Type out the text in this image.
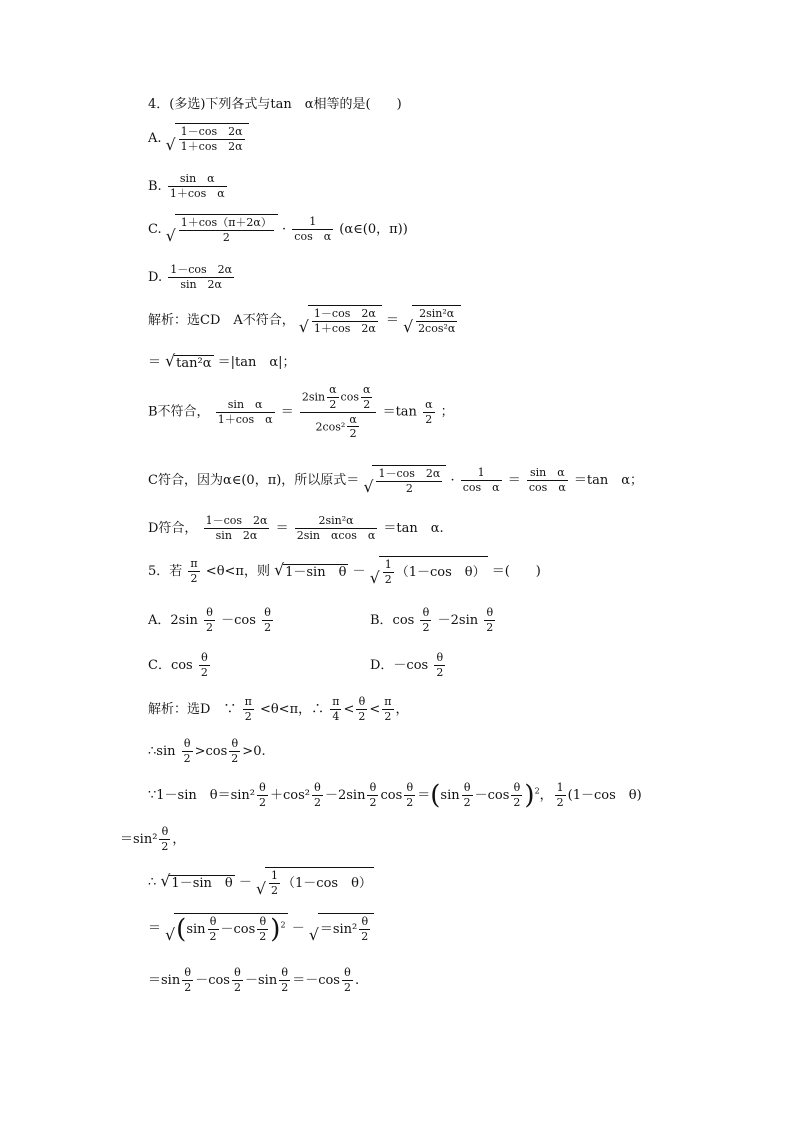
4．(多选)下列各式与tan　α相等的是(　　)
A. √ $\frac{1-\cos 2\alpha}{1+\cos 2\alpha}$
B. $\frac{\text{sin　α}}{\text{1＋cos　α}}$
C. √ $\frac{1+\cos(\pi+2\alpha)}{2} \cdot \frac{1}{\text{cos　α}}$ (α∈(0，π))
D. $\frac{1-\cos 2\alpha}{\sin 2\alpha}$
解析：选CD　A不符合， √ $\frac{1-\cos 2\alpha}{1+\cos 2\alpha}$ ＝ √ $\frac{\text{2sin²α}}{\text{2cos²α}}$
＝ √ tan²α ＝|tan　α|；
B不符合， $\frac{\text{sin　α}}{\text{1＋cos　α}} = \frac{2\sin \frac{\alpha}{2} \cos \frac{\alpha}{2}}{2\cos^2 \frac{\alpha}{2}} =\tan \frac{\alpha}{2}$ ；
C符合，因为α∈(0，π)，所以原式＝ √ $\frac{1-\cos 2\alpha}{2} \cdot \frac{1}{\text{cos　α}} = \frac{\text{sin　α}}{\text{cos　α}} =\tan$　α；
D符合， $\frac{1-\cos 2\alpha}{\sin 2\alpha} = \frac{\text{2sin²α}}{\text{2sin　αcos　α}} =\tan$　α.
5．若 $\frac{\pi}{2} <\theta<\pi$，则 √ 1－sin　θ － √ $\frac{1}{2} (1-\cos$　θ） ＝(　　)
A．$2\sin \frac{\theta}{2} -\cos \frac{\theta}{2}$	B．$\cos \frac{\theta}{2} -2\sin \frac{\theta}{2}$
C．$\cos \frac{\theta}{2}$	D．$-\cos \frac{\theta}{2}$
解析：选D　∵ $\frac{\pi}{2} <\theta<\pi$，∴ $\frac{\pi}{4} < \frac{\theta}{2} < \frac{\pi}{2}$ ，
∴sin $\frac{\theta}{2} >\cos \frac{\theta}{2} >0$.
∵1－sin　$\theta=\sin^2 \frac{\theta}{2} +\cos^2 \frac{\theta}{2} -2\sin \frac{\theta}{2}$ $\cos \frac{\theta}{2} =(\sin \frac{\theta}{2} -\cos \frac{\theta}{2} )^2$， $\frac{1}{2} (1-\cos$　θ)
$=\sin^2 \frac{\theta}{2}$ ，
∴ √ 1－sin　θ － √ $\frac{1}{2} (1-\cos$　θ）
＝ √ $(\sin \frac{\theta}{2} -\cos \frac{\theta}{2} )^2$ － √ $=\sin^2 \frac{\theta}{2}$
$=\sin \frac{\theta}{2} -\cos \frac{\theta}{2} -\sin \frac{\theta}{2} =-\cos \frac{\theta}{2}$ .
